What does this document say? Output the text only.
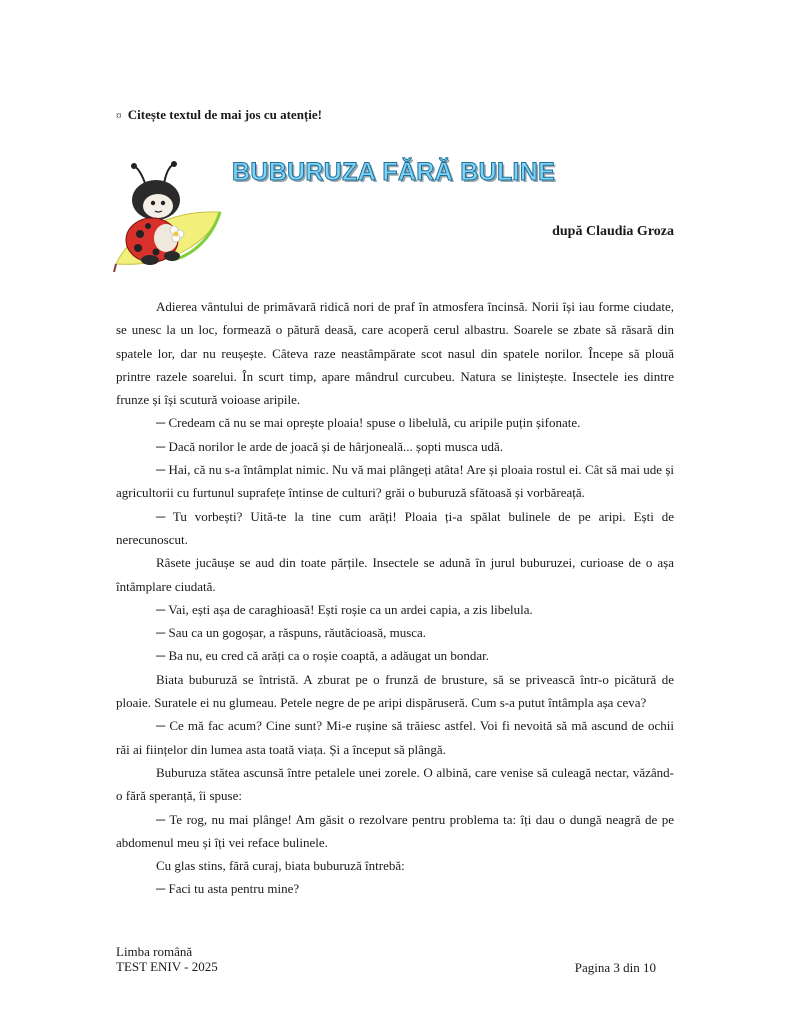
¤ Citește textul de mai jos cu atenție!
BUBURUZA FĂRĂ BULINE
după Claudia Groza

Adierea vântului de primăvară ridică nori de praf în atmosfera încinsă. Norii își iau forme ciudate, se unesc la un loc, formează o pătură deasă, care acoperă cerul albastru. Soarele se zbate să răsară din spatele lor, dar nu reușește. Câteva raze neastâmpărate scot nasul din spatele norilor. Începe să plouă printre razele soarelui. În scurt timp, apare mândrul curcubeu. Natura se liniștește. Insectele ies dintre frunze și își scutură voioase aripile.

─ Credeam că nu se mai oprește ploaia! spuse o libelulă, cu aripile puțin șifonate.

─ Dacă norilor le arde de joacă și de hârjoneală... șopti musca udă.

─ Hai, că nu s-a întâmplat nimic. Nu vă mai plângeți atâta! Are și ploaia rostul ei. Cât să mai ude și agricultorii cu furtunul suprafețe întinse de culturi? grăi o buburuză sfătoasă și vorbăreață.

─ Tu vorbești? Uită-te la tine cum arăți! Ploaia ți-a spălat bulinele de pe aripi. Ești de nerecunoscut.

Râsete jucăușe se aud din toate părțile. Insectele se adună în jurul buburuzei, curioase de o așa întâmplare ciudată.

─ Vai, ești așa de caraghioasă! Ești roșie ca un ardei capia, a zis libelula.

─ Sau ca un gogoșar, a răspuns, răutăcioasă, musca.

─ Ba nu, eu cred că arăți ca o roșie coaptă, a adăugat un bondar.

Biata buburuză se întristă. A zburat pe o frunză de brusture, să se privească într-o picătură de ploaie. Suratele ei nu glumeau. Petele negre de pe aripi dispăruseră. Cum s-a putut întâmpla așa ceva?

─ Ce mă fac acum? Cine sunt? Mi-e rușine să trăiesc astfel. Voi fi nevoită să mă ascund de ochii răi ai ființelor din lumea asta toată viața. Și a început să plângă.

Buburuza stătea ascunsă între petalele unei zorele. O albină, care venise să culeagă nectar, văzând-o fără speranță, îi spuse:

─ Te rog, nu mai plânge! Am găsit o rezolvare pentru problema ta: îți dau o dungă neagră de pe abdomenul meu și îți vei reface bulinele.

Cu glas stins, fără curaj, biata buburuză întrebă:

─ Faci tu asta pentru mine?

Limba română
TEST ENIV - 2025	Pagina 3 din 10
